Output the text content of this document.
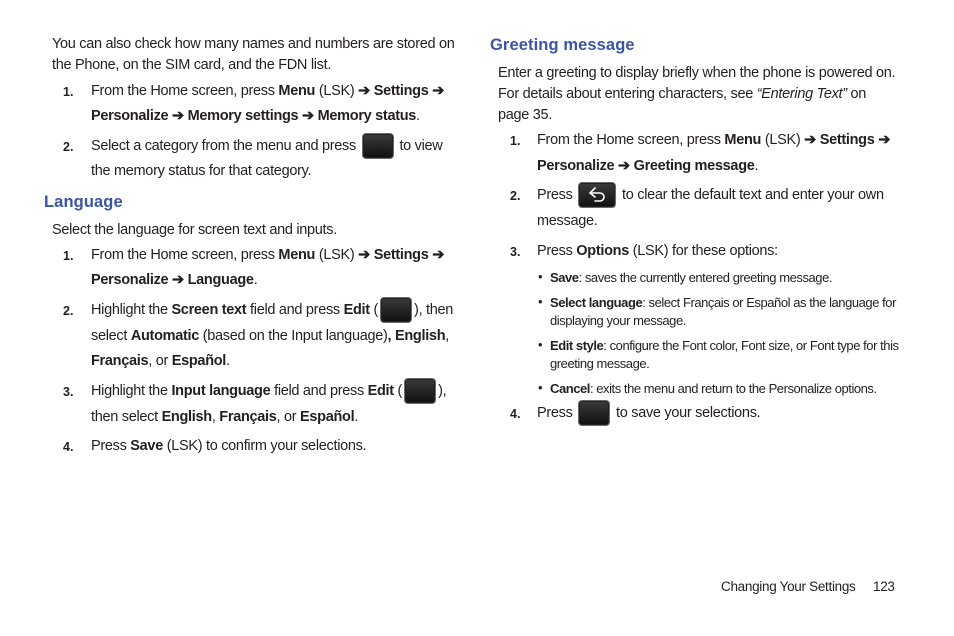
You can also check how many names and numbers are stored on
the Phone, on the SIM card, and the FDN list.
1. From the Home screen, press Menu (LSK) ➔ Settings ➔
Personalize ➔ Memory settings ➔ Memory status.
2. Select a category from the menu and press	to view
the memory status for that category.
Language
Select the language for screen text and inputs.
1. From the Home screen, press Menu (LSK) ➔ Settings ➔
Personalize ➔ Language.
2. Highlight the Screen text field and press Edit ( ), then
select Automatic (based on the Input language), English,
Français, or Español.
3. Highlight the Input language field and press Edit ( ),
then select English, Français, or Español.
4. Press Save (LSK) to confirm your selections.
Greeting message
Enter a greeting to display briefly when the phone is powered on.
For details about entering characters, see “Entering Text” on
page 35.
1. From the Home screen, press Menu (LSK) ➔ Settings ➔
Personalize ➔ Greeting message.
2. Press	to clear the default text and enter your own
message.
3. Press Options (LSK) for these options:
• Save: saves the currently entered greeting message.
• Select language: select Français or Español as the language for
displaying your message.
• Edit style: configure the Font color, Font size, or Font type for this
greeting message.
• Cancel: exits the menu and return to the Personalize options.
4. Press	to save your selections.
Changing Your Settings 123
